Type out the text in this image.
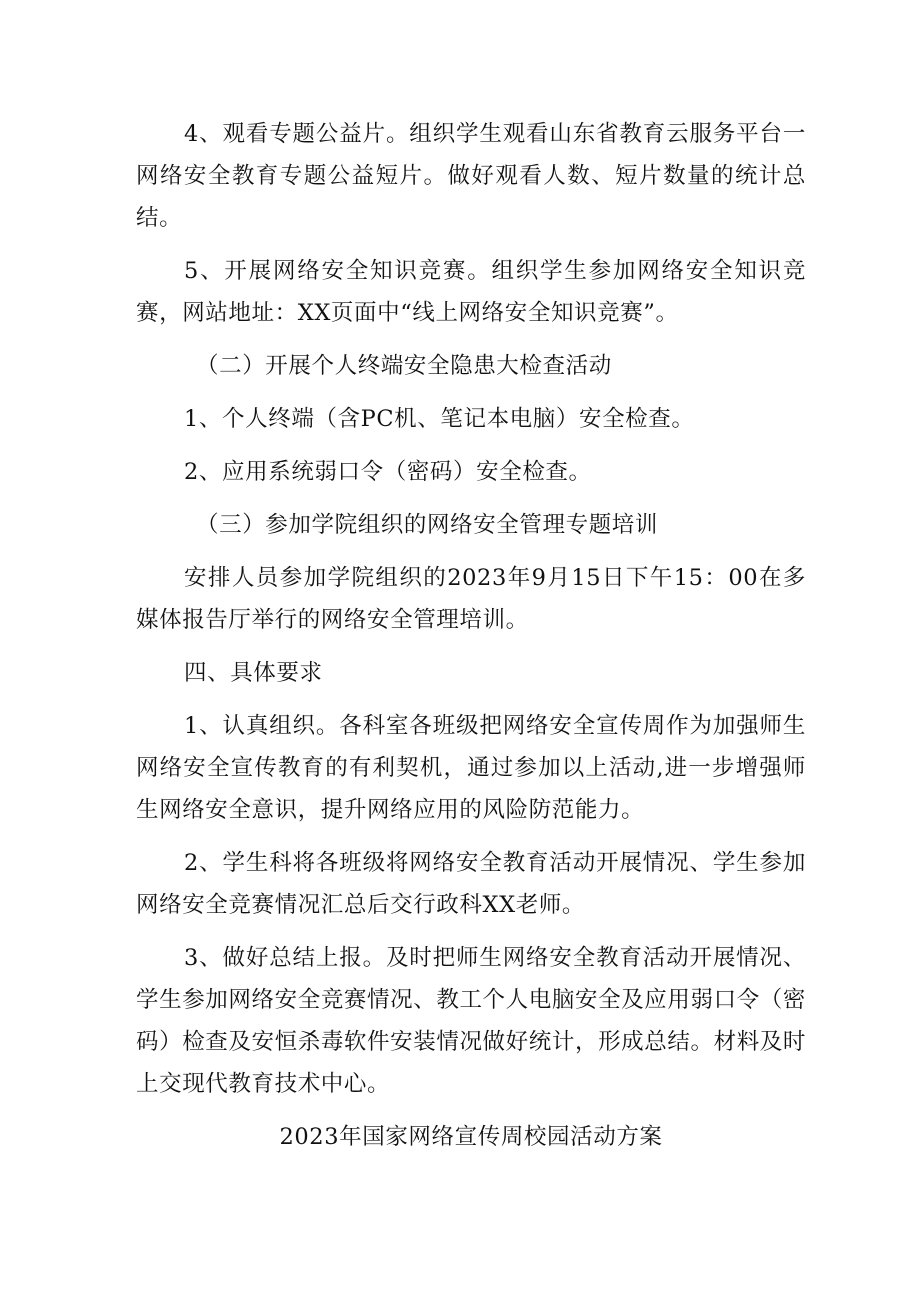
4、观看专题公益片。组织学生观看山东省教育云服务平台一网络安全教育专题公益短片。做好观看人数、短片数量的统计总结。

5、开展网络安全知识竞赛。组织学生参加网络安全知识竞赛，网站地址：XX页面中“线上网络安全知识竞赛”。

（二）开展个人终端安全隐患大检查活动

1、个人终端（含PC机、笔记本电脑）安全检查。

2、应用系统弱口令（密码）安全检查。

（三）参加学院组织的网络安全管理专题培训

安排人员参加学院组织的2023年9月15日下午15：00在多媒体报告厅举行的网络安全管理培训。

四、具体要求

1、认真组织。各科室各班级把网络安全宣传周作为加强师生网络安全宣传教育的有利契机，通过参加以上活动,进一步增强师生网络安全意识，提升网络应用的风险防范能力。

2、学生科将各班级将网络安全教育活动开展情况、学生参加网络安全竞赛情况汇总后交行政科XX老师。

3、做好总结上报。及时把师生网络安全教育活动开展情况、学生参加网络安全竞赛情况、教工个人电脑安全及应用弱口令（密码）检查及安恒杀毒软件安装情况做好统计，形成总结。材料及时上交现代教育技术中心。

2023年国家网络宣传周校园活动方案
